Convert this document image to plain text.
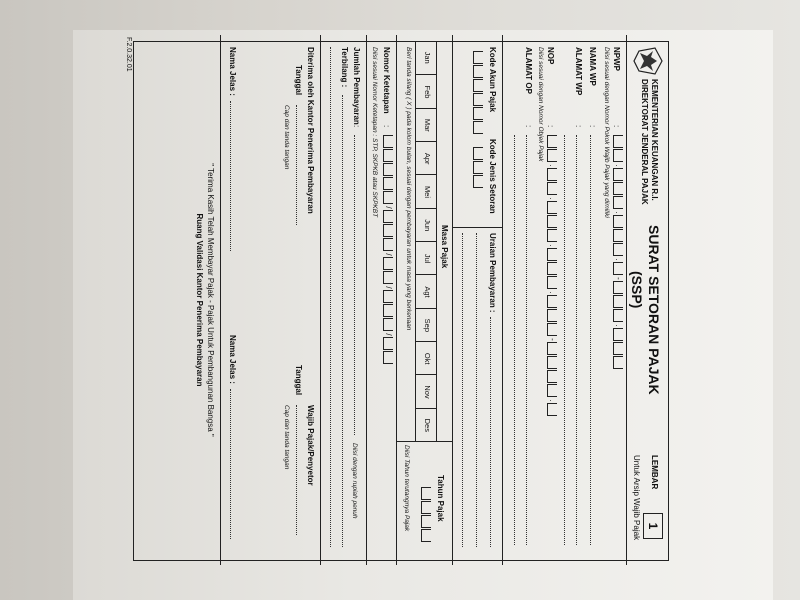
KEMENTERIAN KEUANGAN R.I.
DIREKTORAT JENDERAL PAJAK
SURAT SETORAN PAJAK
(SSP)
LEMBAR
1
Untuk Arsip Wajib Pajak
NPWP
:
.
.
.
-
.
Diisi sesuai dengan Nomor Pokok Wajib Pajak yang dimiliki
NAMA WP
:
ALAMAT WP
:
NOP
:
.
.
.
.
-
.
Diisi sesuai dengan Nomor Objek Pajak
ALAMAT OP
:
Kode Akun Pajak
Kode Jenis Setoran
Uraian Pembayaran :
Masa Pajak
Jan
Feb
Mar
Apr
Mei
Jun
Jul
Agt
Sep
Okt
Nov
Des
Tahun Pajak
Beri tanda silang ( X ) pada kolom bulan, sesuai dengan pembayaran untuk masa yang berkenaan
Diisi Tahun terutangnya Pajak
Nomor Ketetapan
:
/
/
/
/
Diisi sesuai Nomor Ketetapan : STP, SKPKB atau SKPKBT
Jumlah Pembayaran
:
Diisi dengan rupiah penuh
Terbilang :
Diterima oleh Kantor Penerima Pembayaran
Tanggal
Cap dan tanda tangan
Wajib Pajak/Penyetor
Tanggal
Cap dan tanda tangan
Nama Jelas :
Nama Jelas :
" Terima Kasih Telah Membayar Pajak - Pajak Untuk Pembangunan Bangsa "
Ruang Validasi Kantor Penerima Pembayaran
F.2.0.32.01
